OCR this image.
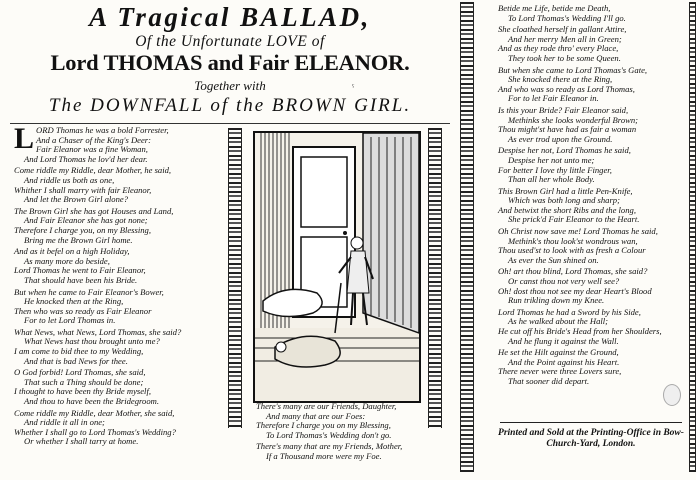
A Tragical BALLAD,
Of the Unfortunate LOVE of
Lord THOMAS and Fair ELEANOR.
Together with	ˤ
The DOWNFALL of the BROWN GIRL.
L ORD Thomas he was a bold Forrester,
And a Chaser of the King's Deer:
Fair Eleanor was a fine Woman,
And Lord Thomas he lov'd her dear.
Come riddle my Riddle, dear Mother, he said,
And riddle us both as one,
Whither I shall marry with fair Eleanor,
And let the Brown Girl alone?
The Brown Girl she has got Houses and Land,
And Fair Eleanor she has got none;
Therefore I charge you, on my Blessing,
Bring me the Brown Girl home.
And as it befel on a high Holiday,
As many more do beside,
Lord Thomas he went to Fair Eleanor,
That should have been his Bride.
But when he came to Fair Eleanor's Bower,
He knocked then at the Ring,
Then who was so ready as Fair Eleanor
For to let Lord Thomas in.
What News, what News, Lord Thomas, she said?
What News hast thou brought unto me?
I am come to bid thee to my Wedding,
And that is bad News for thee.
O God forbid! Lord Thomas, she said,
That such a Thing should be done;
I thought to have been thy Bride myself,
And thou to have been the Bridegroom.
Come riddle my Riddle, dear Mother, she said,
And riddle it all in one;
Whether I shall go to Lord Thomas's Wedding?
Or whether I shall tarry at home.
There's many are our Friends, Daughter,
And many that are our Foes:
Therefore I charge you on my Blessing,
To Lord Thomas's Wedding don't go.
There's many that are my Friends, Mother,
If a Thousand more were my Foe.
Betide me Life, betide me Death,
To Lord Thomas's Wedding I'll go.
She cloathed herself in gallant Attire,
And her merry Men all in Green;
And as they rode thro' every Place,
They took her to be some Queen.
But when she came to Lord Thomas's Gate,
She knocked there at the Ring,
And who was so ready as Lord Thomas,
For to let Fair Eleanor in.
Is this your Bride? Fair Eleanor said,
Methinks she looks wonderful Brown;
Thou might'st have had as fair a woman
As ever trod upon the Ground.
Despise her not, Lord Thomas he said,
Despise her not unto me;
For better I love thy little Finger,
Than all her whole Body.
This Brown Girl had a little Pen-Knife,
Which was both long and sharp;
And betwixt the short Ribs and the long,
She prick'd Fair Eleanor to the Heart.
Oh Christ now save me! Lord Thomas he said,
Methink's thou look'st wondrous wan,
Thou used'st to look with as fresh a Colour
As ever the Sun shined on.
Oh! art thou blind, Lord Thomas, she said?
Or canst thou not very well see?
Oh! dost thou not see my dear Heart's Blood
Run trikling down my Knee.
Lord Thomas he had a Sword by his Side,
As he walked about the Hall;
He cut off his Bride's Head from her Shoulders,
And he flung it against the Wall.
He set the Hilt against the Ground,
And the Point against his Heart.
There never were three Lovers sure,
That sooner did depart.
Printed and Sold at the Printing-Office in Bow-
Church-Yard, London.
